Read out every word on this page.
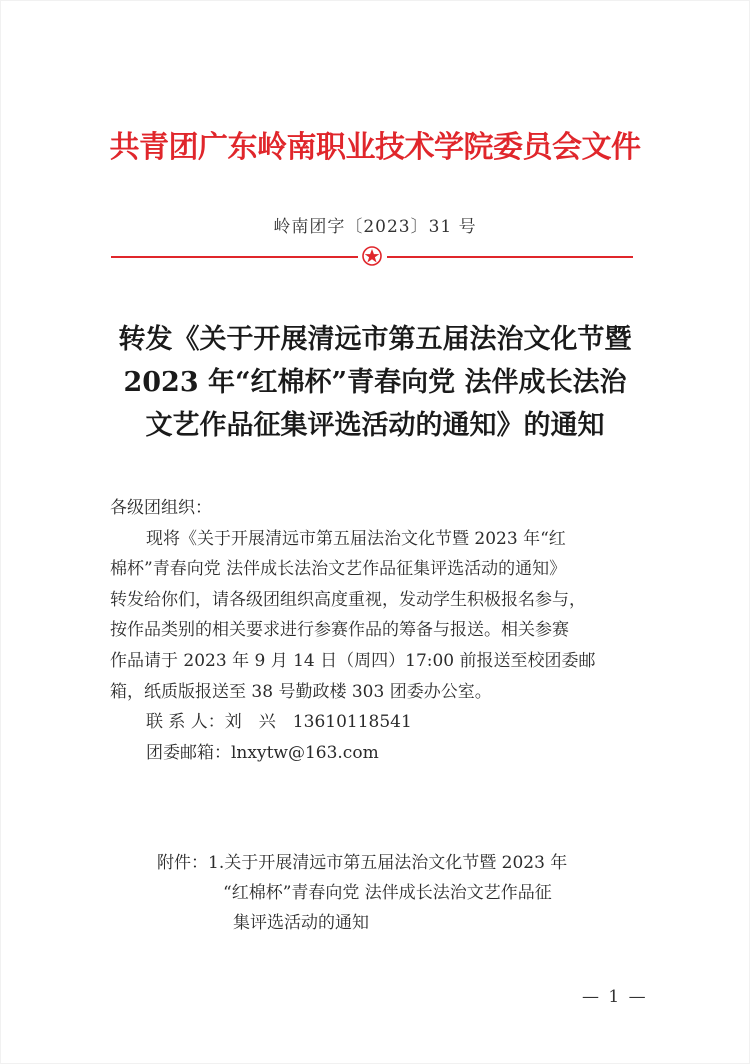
共青团广东岭南职业技术学院委员会文件
岭南团字〔2023〕31 号
转发《关于开展清远市第五届法治文化节暨
2023 年“红棉杯”青春向党 法伴成长法治
文艺作品征集评选活动的通知》的通知

各级团组织：

现将《关于开展清远市第五届法治文化节暨 2023 年“红

棉杯”青春向党 法伴成长法治文艺作品征集评选活动的通知》

转发给你们，请各级团组织高度重视，发动学生积极报名参与，

按作品类别的相关要求进行参赛作品的筹备与报送。相关参赛

作品请于 2023 年 9 月 14 日（周四）17:00 前报送至校团委邮

箱，纸质版报送至 38 号勤政楼 303 团委办公室。

联 系 人：刘　兴　13610118541

团委邮箱：lnxytw@163.com

附件：1.关于开展清远市第五届法治文化节暨 2023 年

“红棉杯”青春向党 法伴成长法治文艺作品征

集评选活动的通知

— 1 —
